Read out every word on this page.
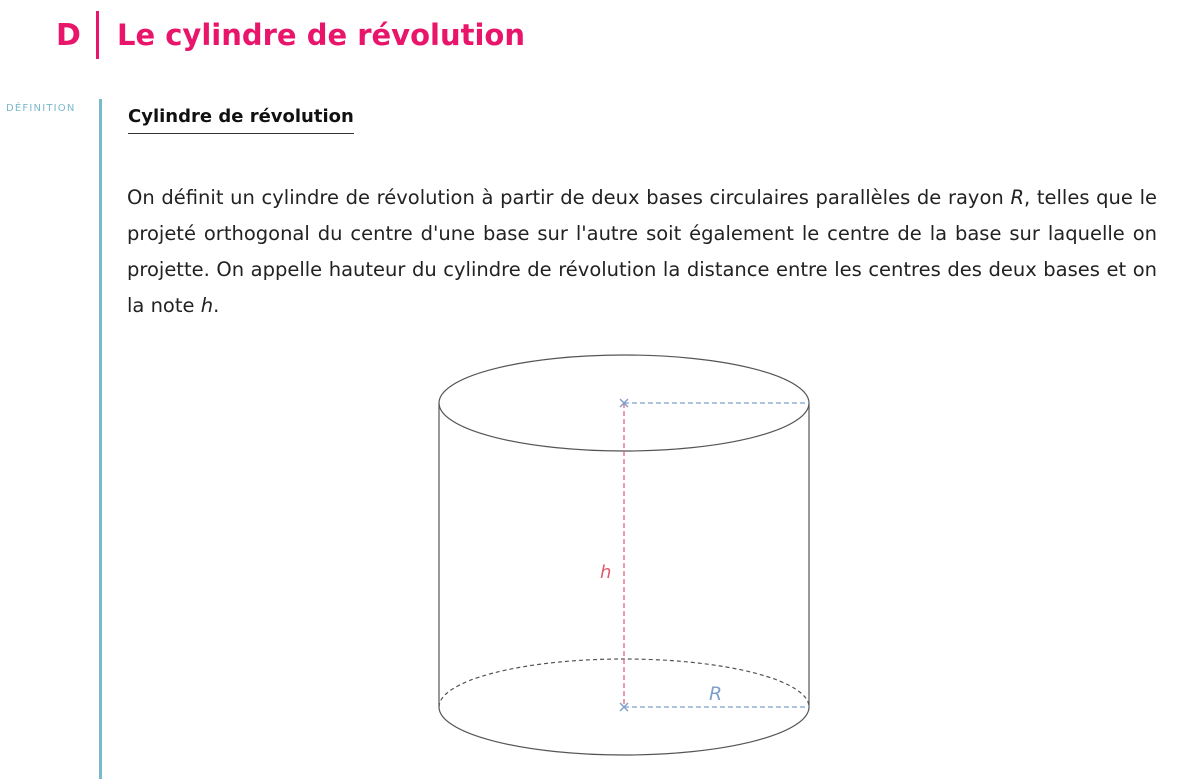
D	Le cylindre de révolution
DÉFINITION	Cylindre de révolution

On définit un cylindre de révolution à partir de deux bases circulaires parallèles de rayon R, telles que le projeté orthogonal du centre d'une base sur l'autre soit également le centre de la base sur laquelle on projette. On appelle hauteur du cylindre de révolution la distance entre les centres des deux bases et on la note h.

h
R
